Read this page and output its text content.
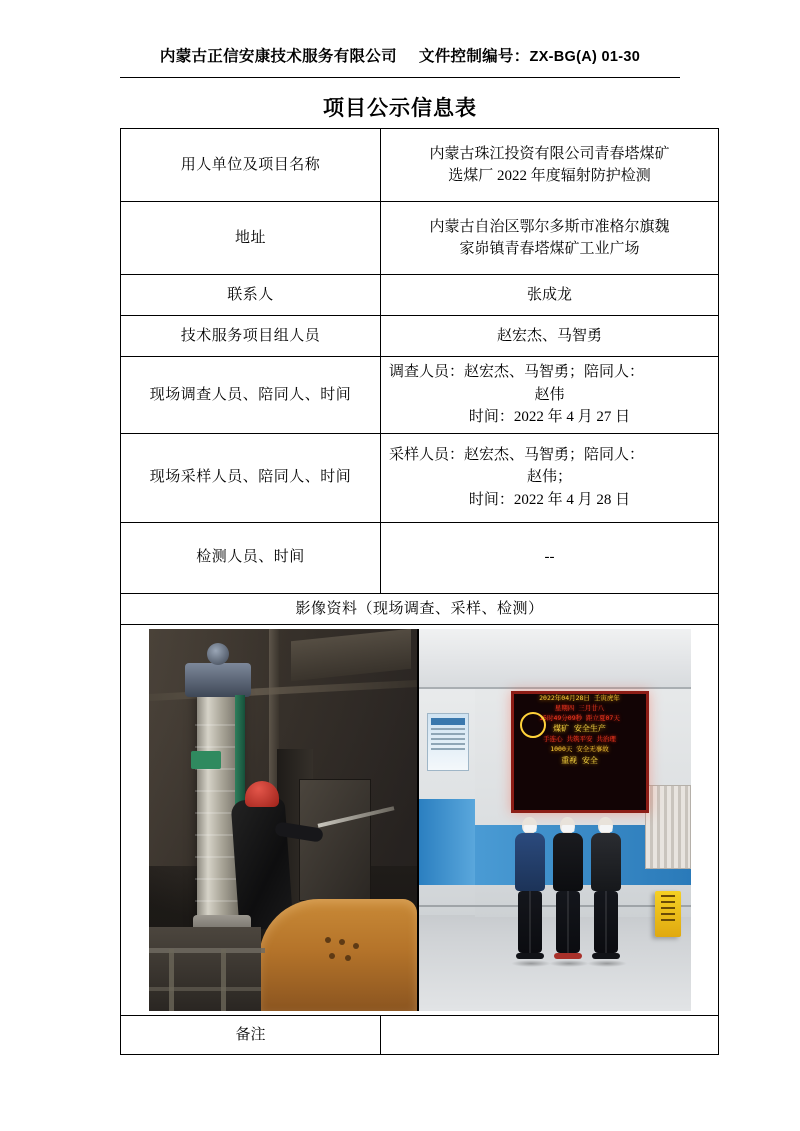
内蒙古正信安康技术服务有限公司 文件控制编号：ZX-BG(A) 01-30
项目公示信息表
用人单位及项目名称	内蒙古珠江投资有限公司青春塔煤矿
选煤厂 2022 年度辐射防护检测

地址	内蒙古自治区鄂尔多斯市准格尔旗魏
家峁镇青春塔煤矿工业广场

联系人	张成龙
技术服务项目组人员	赵宏杰、马智勇
现场调查人员、陪同人、时间	调查人员：赵宏杰、马智勇；陪同人：
赵伟
时间：2022 年 4 月 27 日

现场采样人员、陪同人、时间	采样人员：赵宏杰、马智勇；陪同人：
赵伟；
时间：2022 年 4 月 28 日

检测人员、时间	--
影像资料（现场调查、采样、检测）	

2022年04月28日 壬寅虎年
星期四 三月廿八
15时49分09秒 距立夏07天
煤矿 安全生产
手连心 共筑平安 共治理
1000天 安全无事故
重视 安全

备注	
